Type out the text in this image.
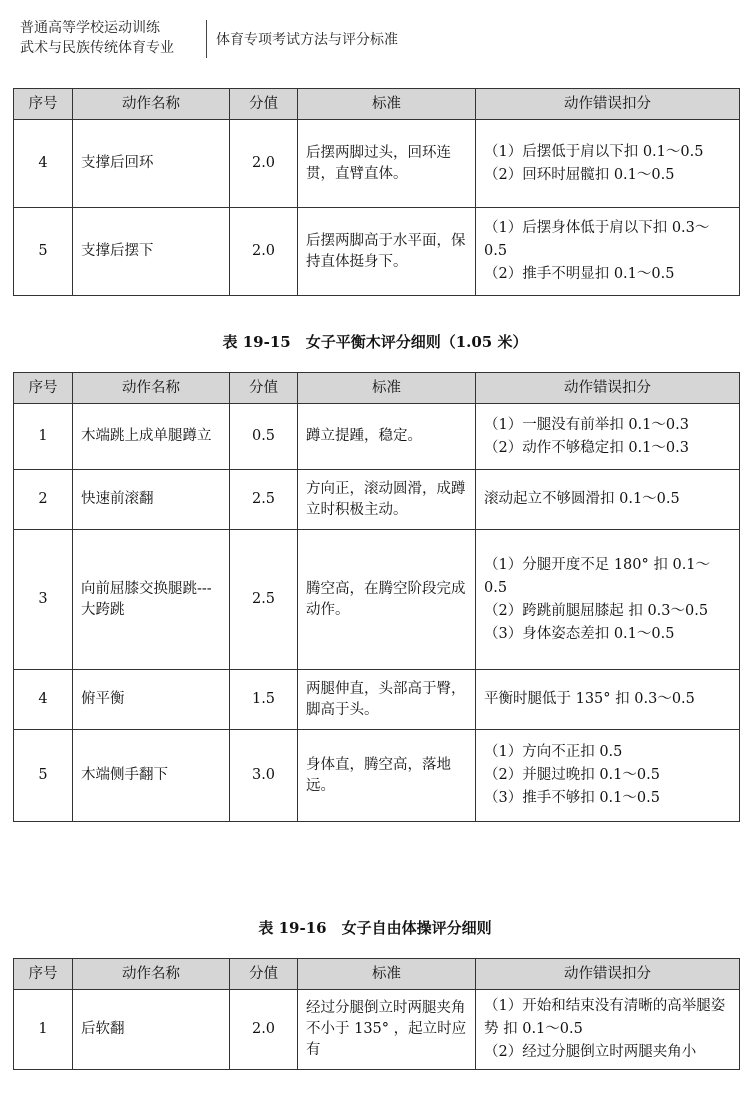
普通高等学校运动训练
武术与民族传统体育专业	体育专项考试方法与评分标准
序号	动作名称	分值	标准	动作错误扣分
4	支撑后回环	2.0	后摆两脚过头，回环连贯，直臂直体。	（1）后摆低于肩以下扣 0.1〜0.5
（2）回环时屈髋扣 0.1〜0.5

5	支撑后摆下	2.0	后摆两脚高于水平面，保持直体挺身下。	（1）后摆身体低于肩以下扣 0.3〜0.5
（2）推手不明显扣 0.1〜0.5
表 19-15　女子平衡木评分细则（1.05 米）
序号	动作名称	分值	标准	动作错误扣分
1	木端跳上成单腿蹲立	0.5	蹲立提踵，稳定。	（1）一腿没有前举扣 0.1〜0.3
（2）动作不够稳定扣 0.1〜0.3

2	快速前滚翻	2.5	方向正，滚动圆滑，成蹲立时积极主动。	滚动起立不够圆滑扣 0.1〜0.5

3	向前屈膝交换腿跳---大跨跳	2.5	腾空高，在腾空阶段完成动作。	（1）分腿开度不足 180° 扣 0.1〜0.5
（2）跨跳前腿屈膝起 扣 0.3〜0.5
（3）身体姿态差扣 0.1〜0.5

4	俯平衡	1.5	两腿伸直，头部高于臀，脚高于头。	平衡时腿低于 135° 扣 0.3〜0.5

5	木端侧手翻下	3.0	身体直，腾空高，落地远。	（1）方向不正扣 0.5
（2）并腿过晚扣 0.1〜0.5
（3）推手不够扣 0.1〜0.5
表 19-16　女子自由体操评分细则
序号	动作名称	分值	标准	动作错误扣分
1	后软翻	2.0	经过分腿倒立时两腿夹角不小于 135° ，起立时应有	（1）开始和结束没有清晰的高举腿姿势 扣 0.1〜0.5
（2）经过分腿倒立时两腿夹角小
